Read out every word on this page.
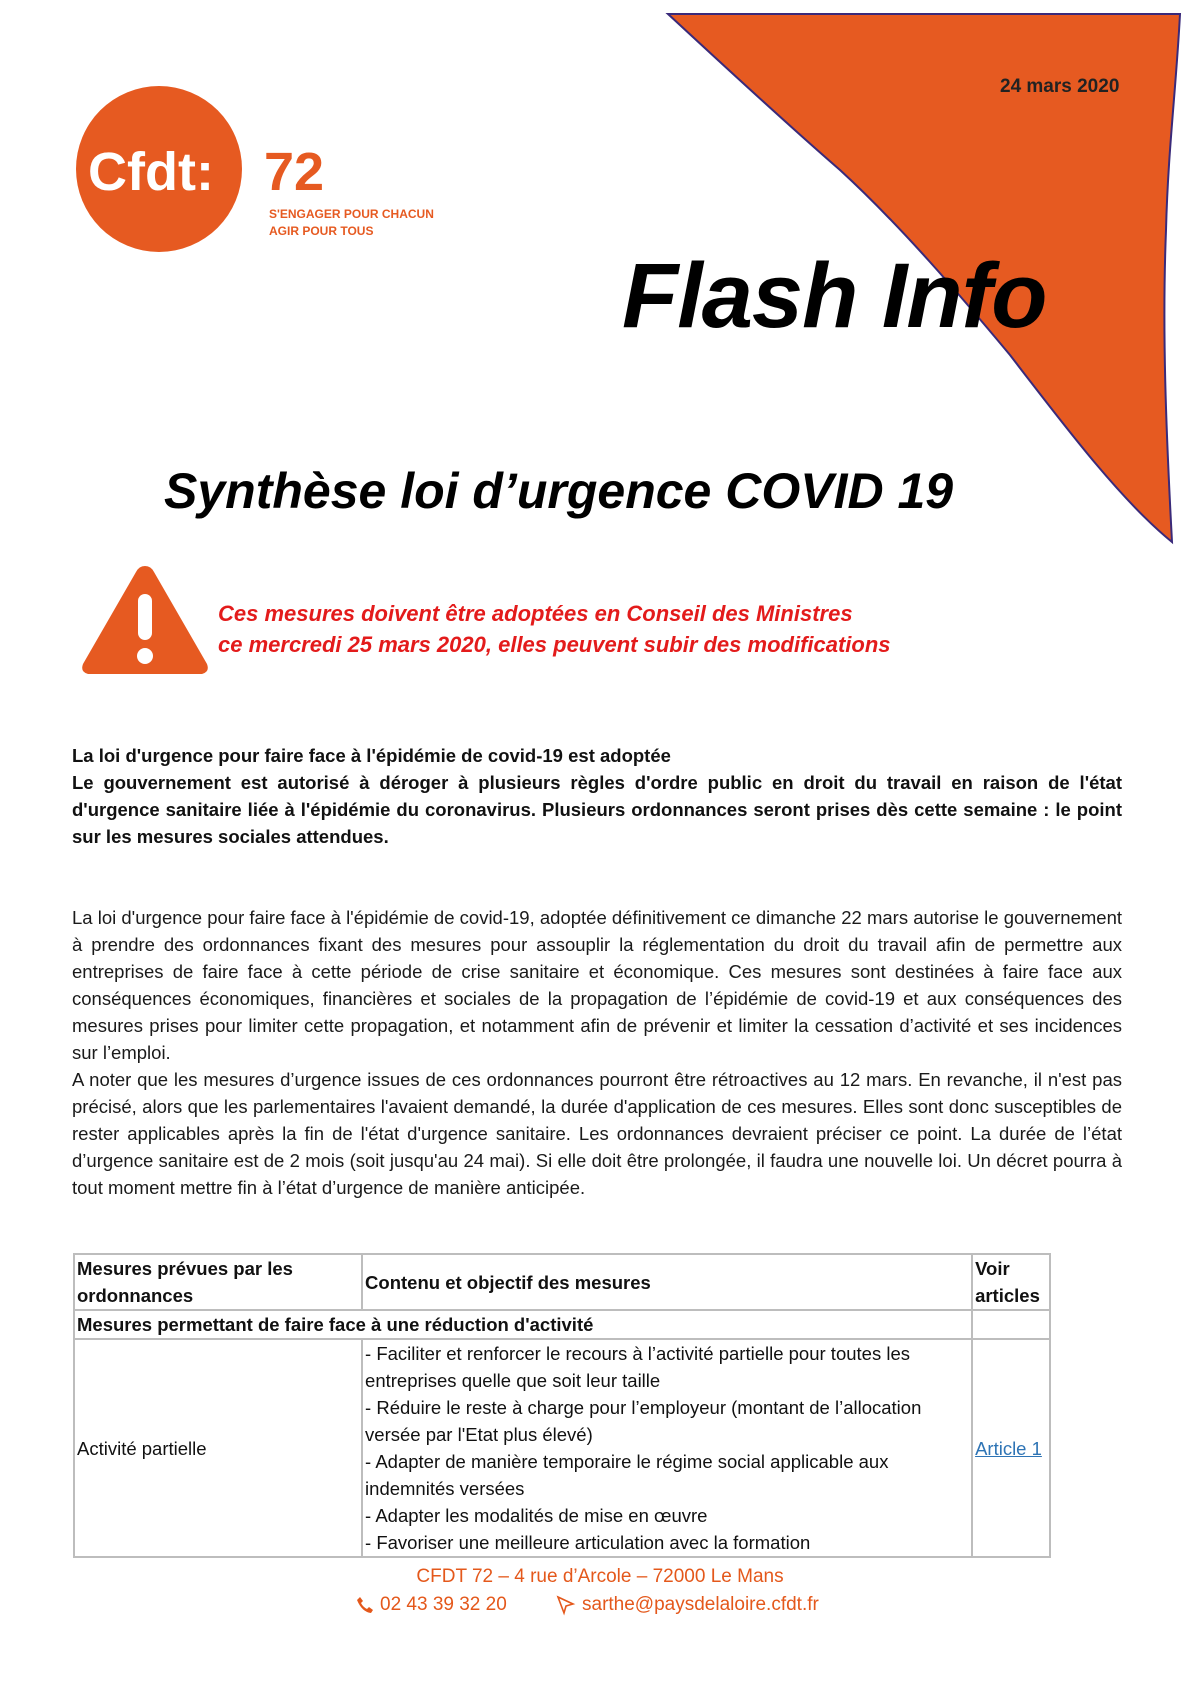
24 mars 2020
Cfdt: 72
S'ENGAGER POUR CHACUN
AGIR POUR TOUS
Flash Info
Synthèse loi d’urgence COVID 19
Ces mesures doivent être adoptées en Conseil des Ministres
ce mercredi 25 mars 2020, elles peuvent subir des modifications

La loi d'urgence pour faire face à l'épidémie de covid-19 est adoptée

Le gouvernement est autorisé à déroger à plusieurs règles d'ordre public en droit du travail en raison de l'état d'urgence sanitaire liée à l'épidémie du coronavirus. Plusieurs ordonnances seront prises dès cette semaine : le point sur les mesures sociales attendues.

La loi d'urgence pour faire face à l'épidémie de covid-19, adoptée définitivement ce dimanche 22 mars autorise le gouvernement à prendre des ordonnances fixant des mesures pour assouplir la réglementation du droit du travail afin de permettre aux entreprises de faire face à cette période de crise sanitaire et économique. Ces mesures sont destinées à faire face aux conséquences économiques, financières et sociales de la propagation de l’épidémie de covid-19 et aux conséquences des mesures prises pour limiter cette propagation, et notamment afin de prévenir et limiter la cessation d’activité et ses incidences sur l’emploi.

A noter que les mesures d’urgence issues de ces ordonnances pourront être rétroactives au 12 mars. En revanche, il n'est pas précisé, alors que les parlementaires l'avaient demandé, la durée d'application de ces mesures. Elles sont donc susceptibles de rester applicables après la fin de l'état d'urgence sanitaire. Les ordonnances devraient préciser ce point. La durée de l’état d’urgence sanitaire est de 2 mois (soit jusqu'au 24 mai). Si elle doit être prolongée, il faudra une nouvelle loi. Un décret pourra à tout moment mettre fin à l’état d’urgence de manière anticipée.

Mesures prévues par les ordonnances	Contenu et objectif des mesures	Voir articles
Mesures permettant de faire face à une réduction d'activité		
Activité partielle	- Faciliter et renforcer le recours à l’activité partielle pour toutes les entreprises quelle que soit leur taille
- Réduire le reste à charge pour l’employeur (montant de l’allocation versée par l'Etat plus élevé)
- Adapter de manière temporaire le régime social applicable aux indemnités versées
- Adapter les modalités de mise en œuvre
- Favoriser une meilleure articulation avec la formation	Article 1
CFDT 72 – 4 rue d’Arcole – 72000 Le Mans
02 43 39 32 20	sarthe@paysdelaloire.cfdt.fr
